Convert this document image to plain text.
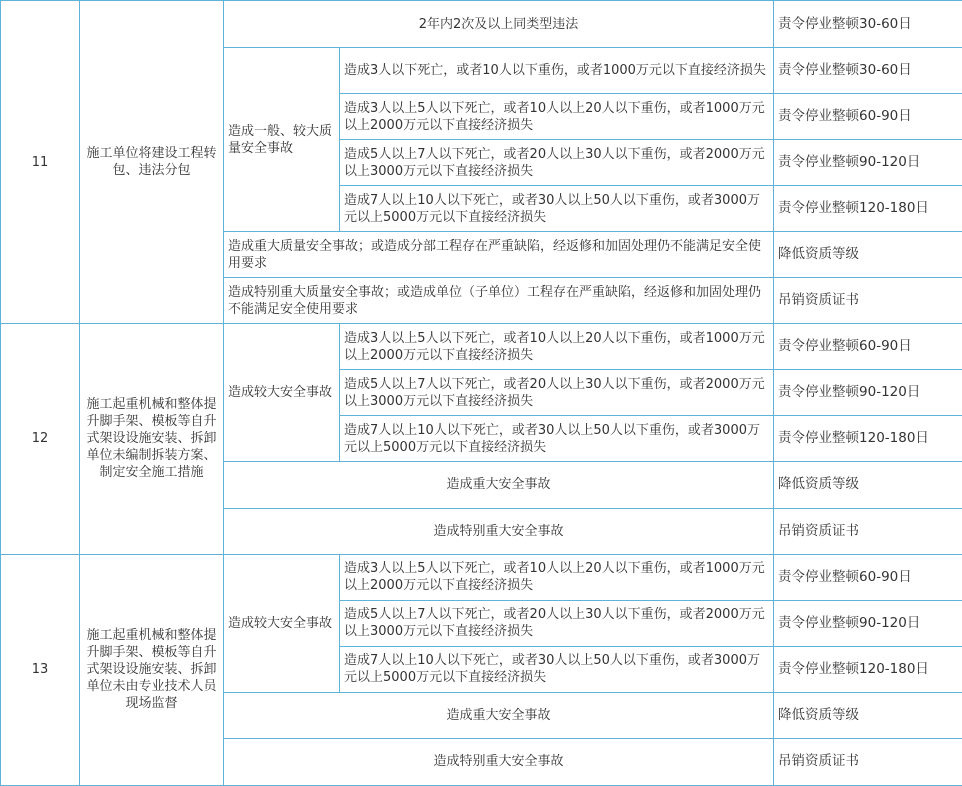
11	施工单位将建设工程转包、违法分包	2年内2次及以上同类型违法		责令停业整顿30-60日
		造成一般、较大质量安全事故	造成3人以下死亡，或者10人以下重伤，或者1000万元以下直接经济损失	责令停业整顿30-60日
			造成3人以上5人以下死亡，或者10人以上20人以下重伤，或者1000万元以上2000万元以下直接经济损失	责令停业整顿60-90日
			造成5人以上7人以下死亡，或者20人以上30人以下重伤，或者2000万元以上3000万元以下直接经济损失	责令停业整顿90-120日
			造成7人以上10人以下死亡，或者30人以上50人以下重伤，或者3000万元以上5000万元以下直接经济损失	责令停业整顿120-180日
		造成重大质量安全事故；或造成分部工程存在严重缺陷，经返修和加固处理仍不能满足安全使用要求		降低资质等级
		造成特别重大质量安全事故；或造成单位（子单位）工程存在严重缺陷，经返修和加固处理仍不能满足安全使用要求		吊销资质证书
12	施工起重机械和整体提升脚手架、模板等自升式架设设施安装、拆卸单位未编制拆装方案、制定安全施工措施	造成较大安全事故	造成3人以上5人以下死亡，或者10人以上20人以下重伤，或者1000万元以上2000万元以下直接经济损失	责令停业整顿60-90日
			造成5人以上7人以下死亡，或者20人以上30人以下重伤，或者2000万元以上3000万元以下直接经济损失	责令停业整顿90-120日
			造成7人以上10人以下死亡，或者30人以上50人以下重伤，或者3000万元以上5000万元以下直接经济损失	责令停业整顿120-180日
		造成重大安全事故		降低资质等级
		造成特别重大安全事故		吊销资质证书
13	施工起重机械和整体提升脚手架、模板等自升式架设设施安装、拆卸单位未由专业技术人员现场监督	造成较大安全事故	造成3人以上5人以下死亡，或者10人以上20人以下重伤，或者1000万元以上2000万元以下直接经济损失	责令停业整顿60-90日
			造成5人以上7人以下死亡，或者20人以上30人以下重伤，或者2000万元以上3000万元以下直接经济损失	责令停业整顿90-120日
			造成7人以上10人以下死亡，或者30人以上50人以下重伤，或者3000万元以上5000万元以下直接经济损失	责令停业整顿120-180日
		造成重大安全事故		降低资质等级
		造成特别重大安全事故		吊销资质证书
